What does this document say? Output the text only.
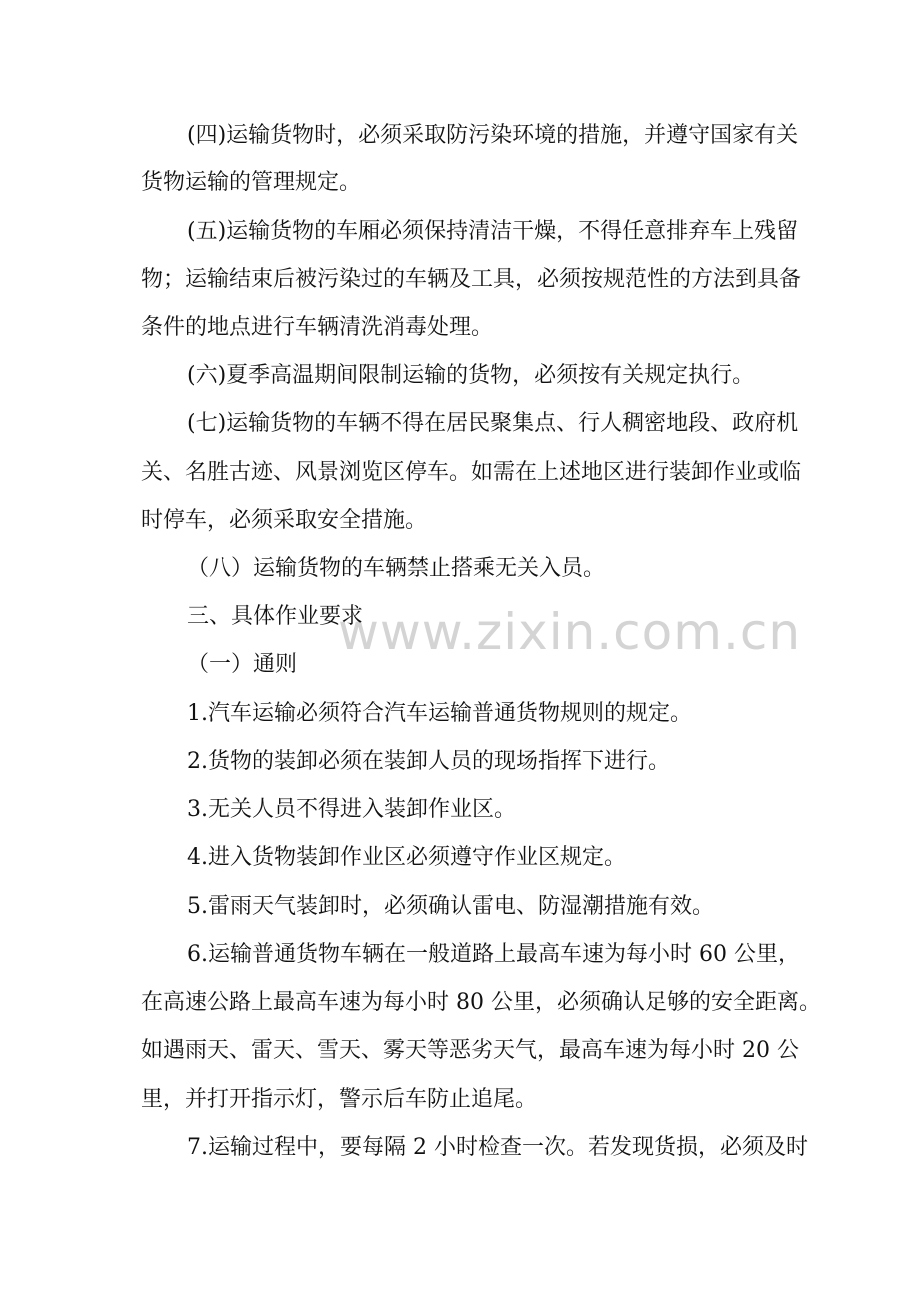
www.zixin.com.cn
(四)运输货物时，必须采取防污染环境的措施，并遵守国家有关
货物运输的管理规定。
(五)运输货物的车厢必须保持清洁干燥，不得任意排弃车上残留
物；运输结束后被污染过的车辆及工具，必须按规范性的方法到具备
条件的地点进行车辆清洗消毒处理。
(六)夏季高温期间限制运输的货物，必须按有关规定执行。
(七)运输货物的车辆不得在居民聚集点、行人稠密地段、政府机
关、名胜古迹、风景浏览区停车。如需在上述地区进行装卸作业或临
时停车，必须采取安全措施。
（八）运输货物的车辆禁止搭乘无关入员。
三、具体作业要求
（一）通则
1.汽车运输必须符合汽车运输普通货物规则的规定。
2.货物的装卸必须在装卸人员的现场指挥下进行。
3.无关人员不得进入装卸作业区。
4.进入货物装卸作业区必须遵守作业区规定。
5.雷雨天气装卸时，必须确认雷电、防湿潮措施有效。
6.运输普通货物车辆在一般道路上最高车速为每小时 60 公里，
在高速公路上最高车速为每小时 80 公里，必须确认足够的安全距离。
如遇雨天、雷天、雪天、雾天等恶劣天气，最高车速为每小时 20 公
里，并打开指示灯，警示后车防止追尾。
7.运输过程中，要每隔 2 小时检查一次。若发现货损，必须及时
